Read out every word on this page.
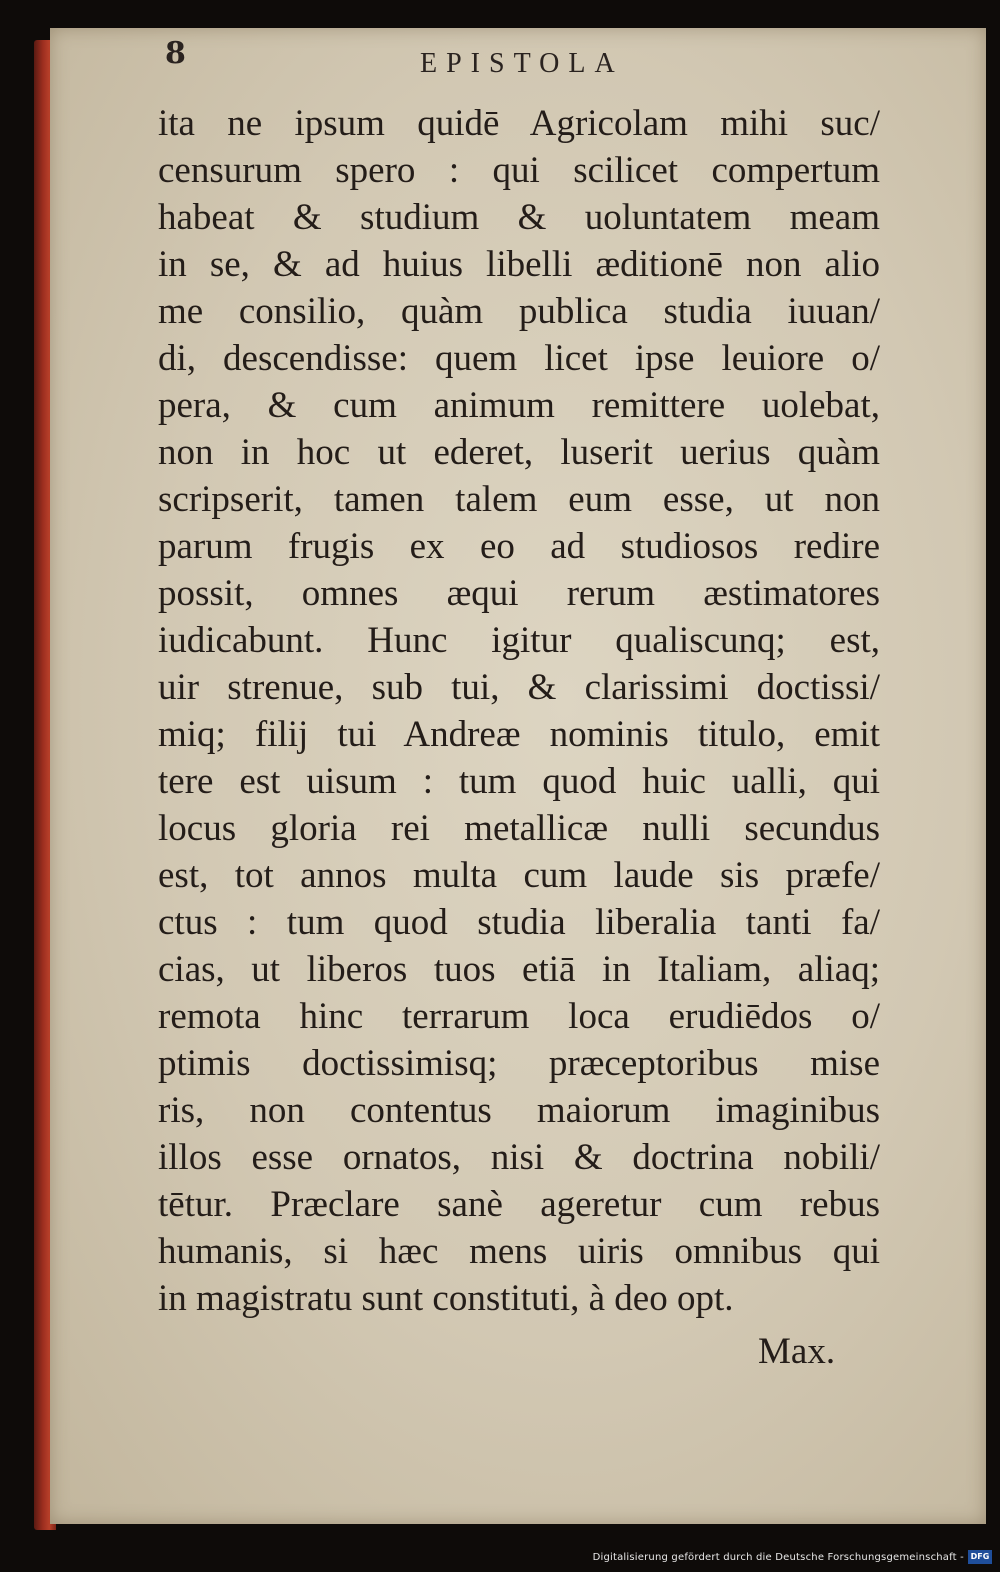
8	EPISTOLA
ita ne ipsum quidē Agricolam mihi suc/
censurum spero : qui scilicet compertum
habeat & studium & uoluntatem meam
in se, & ad huius libelli æditionē non alio
me consilio, quàm publica studia iuuan/
di, descendisse: quem licet ipse leuiore o/
pera, & cum animum remittere uolebat,
non in hoc ut ederet, luserit uerius quàm
scripserit, tamen talem eum esse, ut non
parum frugis ex eo ad studiosos redire
possit, omnes æqui rerum æstimatores
iudicabunt. Hunc igitur qualiscunq; est,
uir strenue, sub tui, & clarissimi doctissi/
miq; filij tui Andreæ nominis titulo, emit
tere est uisum : tum quod huic ualli, qui
locus gloria rei metallicæ nulli secundus
est, tot annos multa cum laude sis præfe/
ctus : tum quod studia liberalia tanti fa/
cias, ut liberos tuos etiā in Italiam, aliaq;
remota hinc terrarum loca erudiēdos o/
ptimis doctissimisq; præceptoribus mise
ris, non contentus maiorum imaginibus
illos esse ornatos, nisi & doctrina nobili/
tētur. Præclare sanè ageretur cum rebus
humanis, si hæc mens uiris omnibus qui
in magistratu sunt constituti, à deo opt.
Max.
Digitalisierung gefördert durch die Deutsche Forschungsgemeinschaft - DFG
